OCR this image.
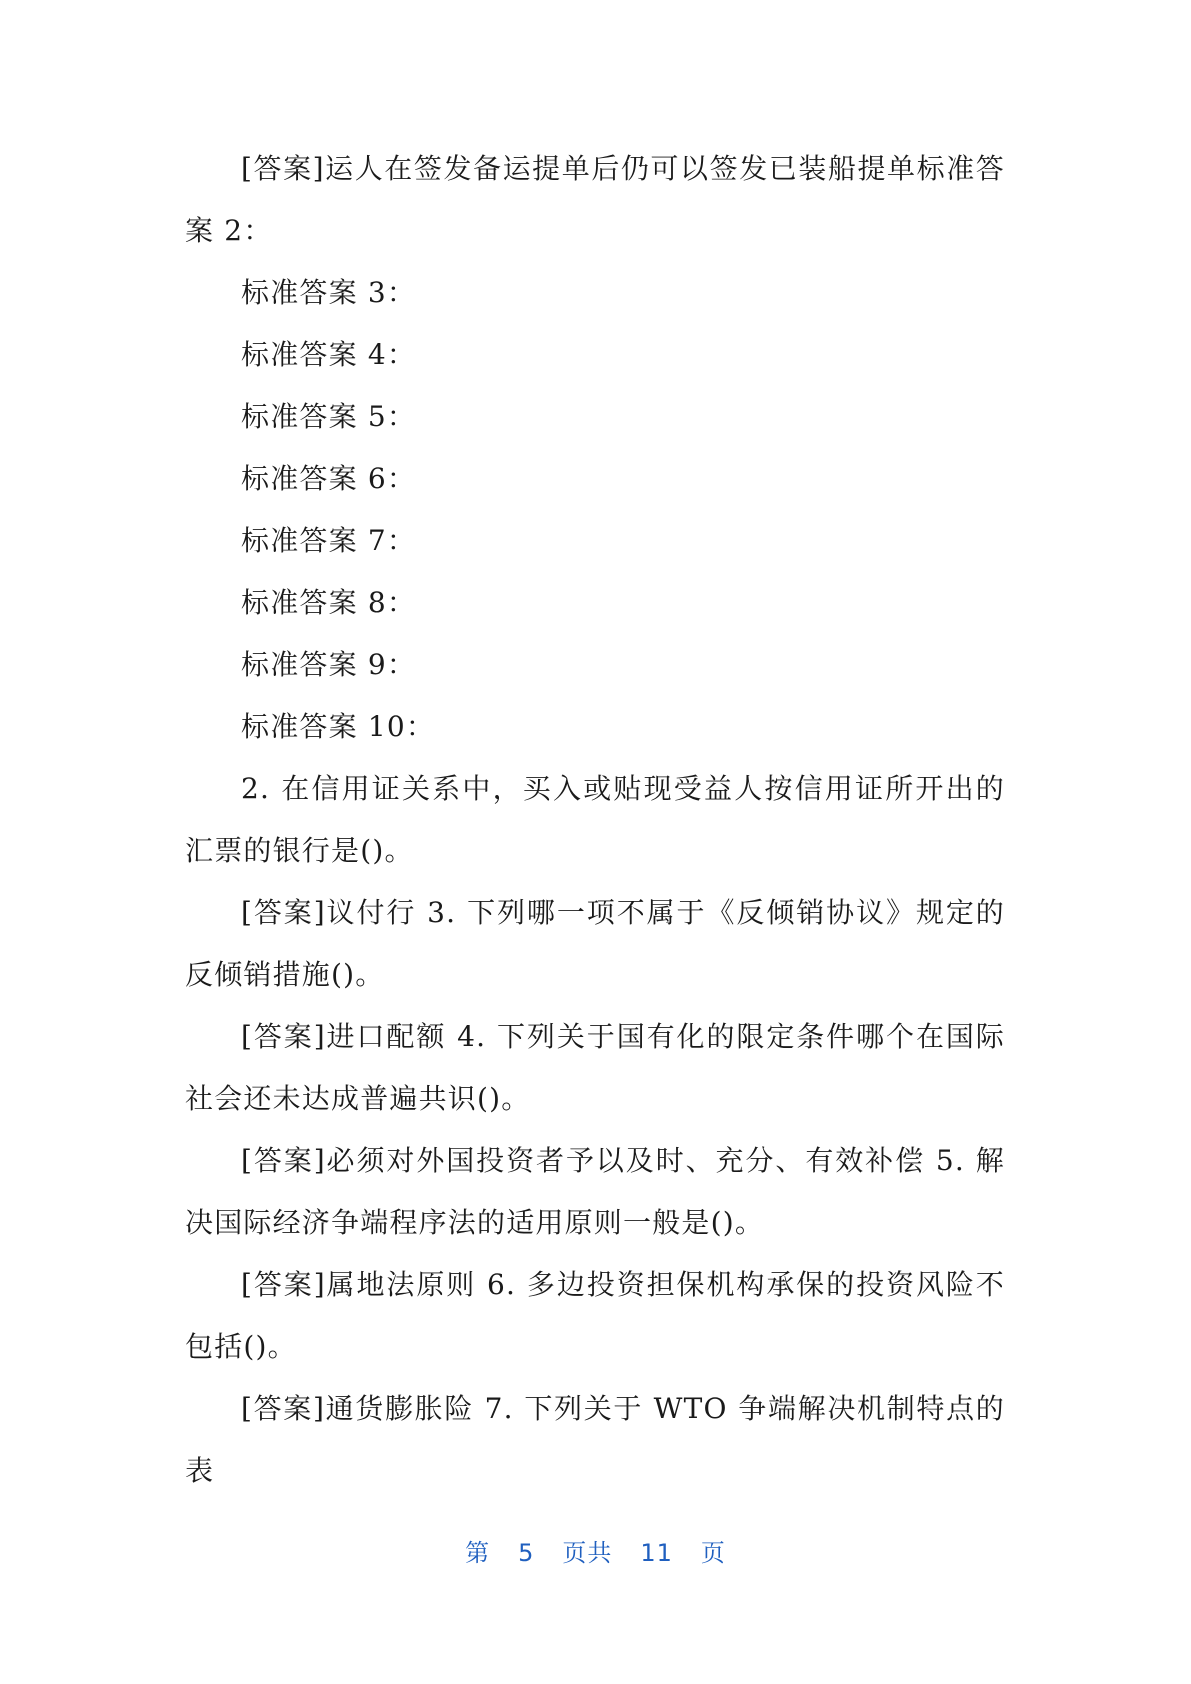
[答案]运人在签发备运提单后仍可以签发已装船提单标准答案 2：

标准答案 3：

标准答案 4：

标准答案 5：

标准答案 6：

标准答案 7：

标准答案 8：

标准答案 9：

标准答案 10：

2. 在信用证关系中，买入或贴现受益人按信用证所开出的汇票的银行是()。

[答案]议付行 3. 下列哪一项不属于《反倾销协议》规定的反倾销措施()。

[答案]进口配额 4. 下列关于国有化的限定条件哪个在国际社会还未达成普遍共识()。

[答案]必须对外国投资者予以及时、充分、有效补偿 5. 解决国际经济争端程序法的适用原则一般是()。

[答案]属地法原则 6. 多边投资担保机构承保的投资风险不包括()。

[答案]通货膨胀险 7. 下列关于 WTO 争端解决机制特点的表

第 5 页共 11 页
